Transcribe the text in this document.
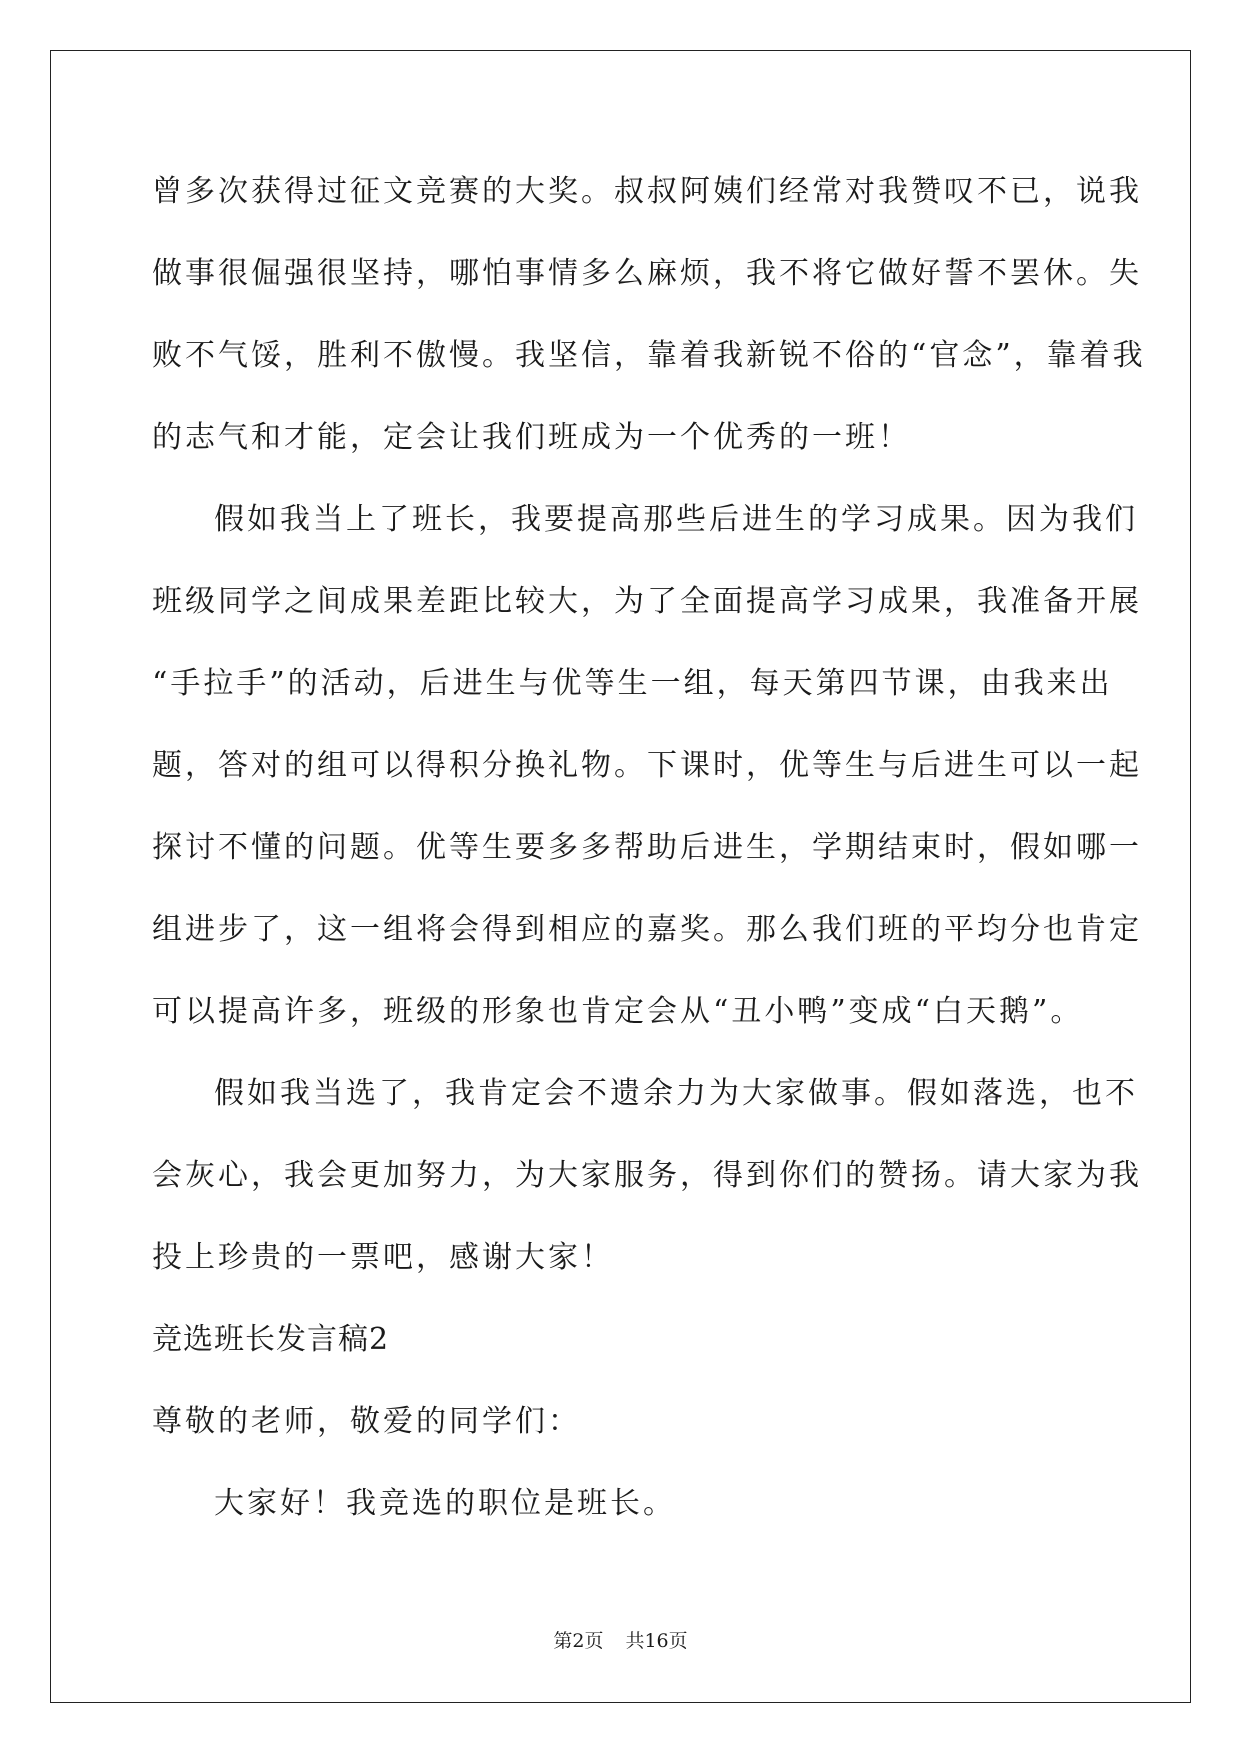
曾多次获得过征文竞赛的大奖。叔叔阿姨们经常对我赞叹不已，说我
做事很倔强很坚持，哪怕事情多么麻烦，我不将它做好誓不罢休。失
败不气馁，胜利不傲慢。我坚信，靠着我新锐不俗的“官念”，靠着我
的志气和才能，定会让我们班成为一个优秀的一班！
假如我当上了班长，我要提高那些后进生的学习成果。因为我们
班级同学之间成果差距比较大，为了全面提高学习成果，我准备开展
“手拉手”的活动，后进生与优等生一组，每天第四节课，由我来出
题，答对的组可以得积分换礼物。下课时，优等生与后进生可以一起
探讨不懂的问题。优等生要多多帮助后进生，学期结束时，假如哪一
组进步了，这一组将会得到相应的嘉奖。那么我们班的平均分也肯定
可以提高许多，班级的形象也肯定会从“丑小鸭”变成“白天鹅”。
假如我当选了，我肯定会不遗余力为大家做事。假如落选，也不
会灰心，我会更加努力，为大家服务，得到你们的赞扬。请大家为我
投上珍贵的一票吧，感谢大家！
竞选班长发言稿2
尊敬的老师，敬爱的同学们：
大家好！我竞选的职位是班长。
第2页 共16页
